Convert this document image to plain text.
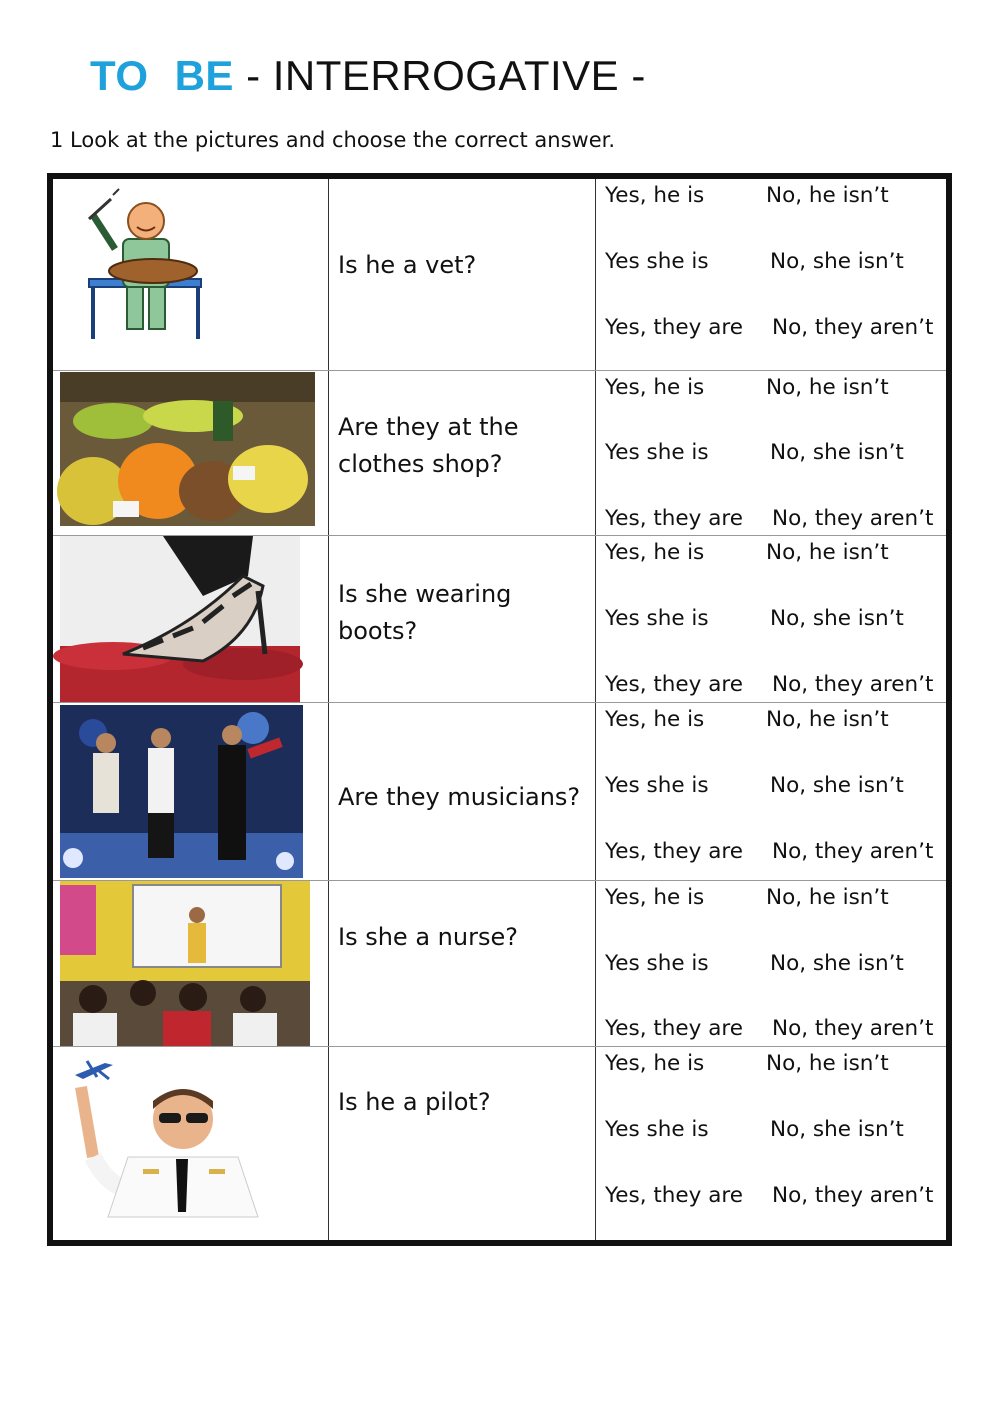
TO BE - INTERROGATIVE -
1 Look at the pictures and choose the correct answer.
Is he a vet?
Yes, he is	No, he isn’t
Yes she is	No, she isn’t
Yes, they are No, they aren’t
Are they at the clothes shop?
Yes, he is	No, he isn’t
Yes she is	No, she isn’t
Yes, they are No, they aren’t
Is she wearing boots?
Yes, he is	No, he isn’t
Yes she is	No, she isn’t
Yes, they are No, they aren’t
Are they musicians?
Yes, he is	No, he isn’t
Yes she is	No, she isn’t
Yes, they are No, they aren’t
Is she a nurse?
Yes, he is	No, he isn’t
Yes she is	No, she isn’t
Yes, they are No, they aren’t
Is he a pilot?
Yes, he is	No, he isn’t
Yes she is	No, she isn’t
Yes, they are No, they aren’t
